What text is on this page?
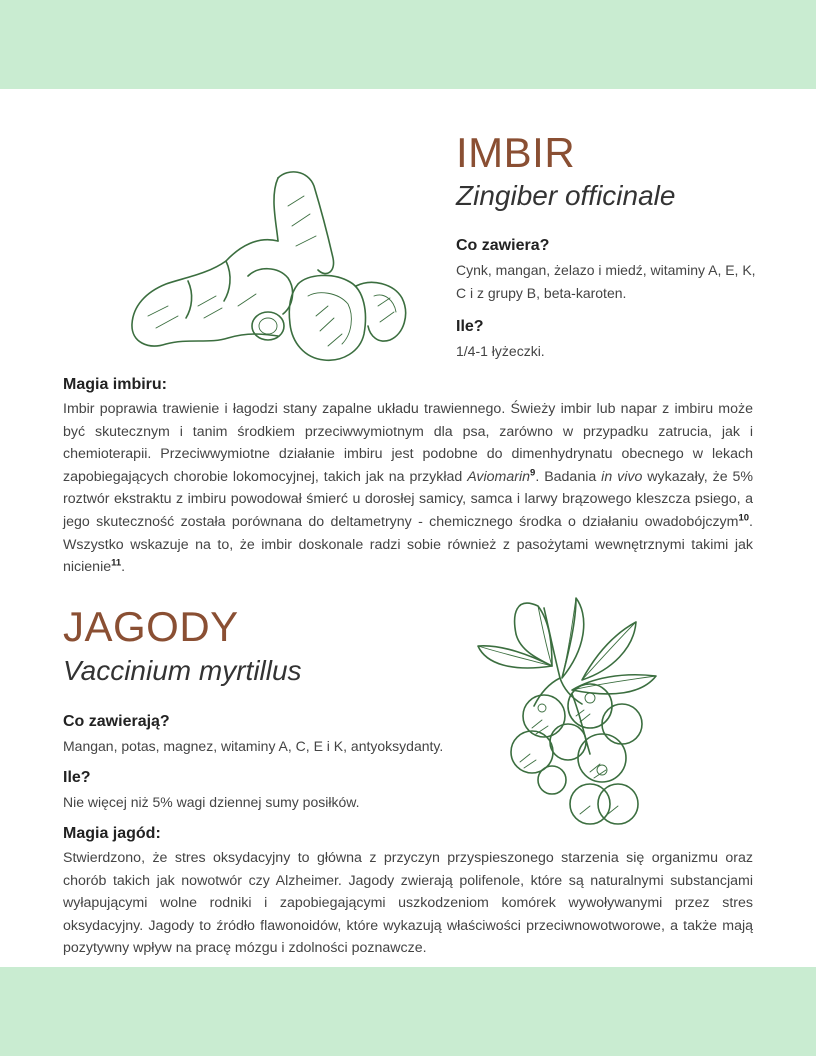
IMBIR
Zingiber officinale
Co zawiera?
Cynk, mangan, żelazo i miedź, witaminy A, E, K, C i z grupy B, beta-karoten.
Ile?
1/4-1 łyżeczki.
Magia imbiru:
Imbir poprawia trawienie i łagodzi stany zapalne układu trawiennego. Świeży imbir lub napar z imbiru może być skutecznym i tanim środkiem przeciwwymiotnym dla psa, zarówno w przypadku zatrucia, jak i chemioterapii. Przeciwwymiotne działanie imbiru jest podobne do dimenhydrynatu obecnego w lekach zapobiegających chorobie lokomocyjnej, takich jak na przykład Aviomarin$^9$. Badania in vivo wykazały, że 5% roztwór ekstraktu z imbiru powodował śmierć u dorosłej samicy, samca i larwy brązowego kleszcza psiego, a jego skuteczność została porównana do deltametryny - chemicznego środka o działaniu owadobójczym$^{10}$. Wszystko wskazuje na to, że imbir doskonale radzi sobie również z pasożytami wewnętrznymi takimi jak nicienie$^{11}$.
JAGODY
Vaccinium myrtillus
Co zawierają?
Mangan, potas, magnez, witaminy A, C, E i K, antyoksydanty.
Ile?
Nie więcej niż 5% wagi dziennej sumy posiłków.
Magia jagód:
Stwierdzono, że stres oksydacyjny to główna z przyczyn przyspieszonego starzenia się organizmu oraz chorób takich jak nowotwór czy Alzheimer. Jagody zwierają polifenole, które są naturalnymi substancjami wyłapującymi wolne rodniki i zapobiegającymi uszkodzeniom komórek wywoływanymi przez stres oksydacyjny. Jagody to źródło flawonoidów, które wykazują właściwości przeciwnowotworowe, a także mają pozytywny wpływ na pracę mózgu i zdolności poznawcze.
